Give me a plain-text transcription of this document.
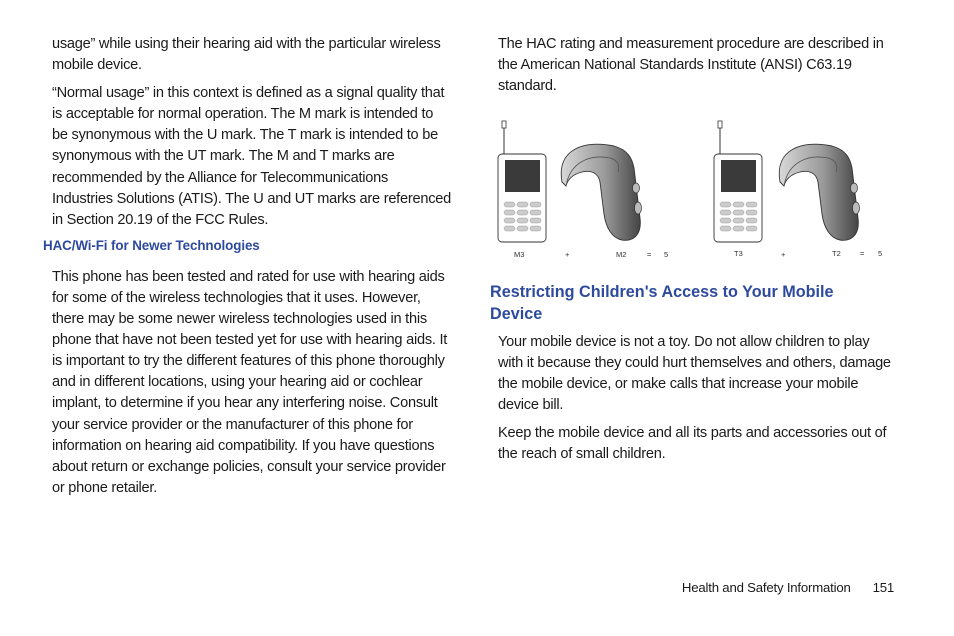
usage” while using their hearing aid with the particular wireless mobile device.

“Normal usage” in this context is defined as a signal quality that is acceptable for normal operation. The M mark is intended to be synonymous with the U mark. The T mark is intended to be synonymous with the UT mark. The M and T marks are recommended by the Alliance for Telecommunications Industries Solutions (ATIS). The U and UT marks are referenced in Section 20.19 of the FCC Rules.

HAC/Wi-Fi for Newer Technologies

This phone has been tested and rated for use with hearing aids for some of the wireless technologies that it uses. However, there may be some newer wireless technologies used in this phone that have not been tested yet for use with hearing aids. It is important to try the different features of this phone thoroughly and in different locations, using your hearing aid or cochlear implant, to determine if you hear any interfering noise. Consult your service provider or the manufacturer of this phone for information on hearing aid compatibility. If you have questions about return or exchange policies, consult your service provider or phone retailer.

The HAC rating and measurement procedure are described in the American National Standards Institute (ANSI) C63.19 standard.

M3	+	M2	= 5	T3	+	T2	= 5
Restricting Children's Access to Your Mobile Device

Your mobile device is not a toy. Do not allow children to play with it because they could hurt themselves and others, damage the mobile device, or make calls that increase your mobile device bill.

Keep the mobile device and all its parts and accessories out of the reach of small children.

Health and Safety Information 151
